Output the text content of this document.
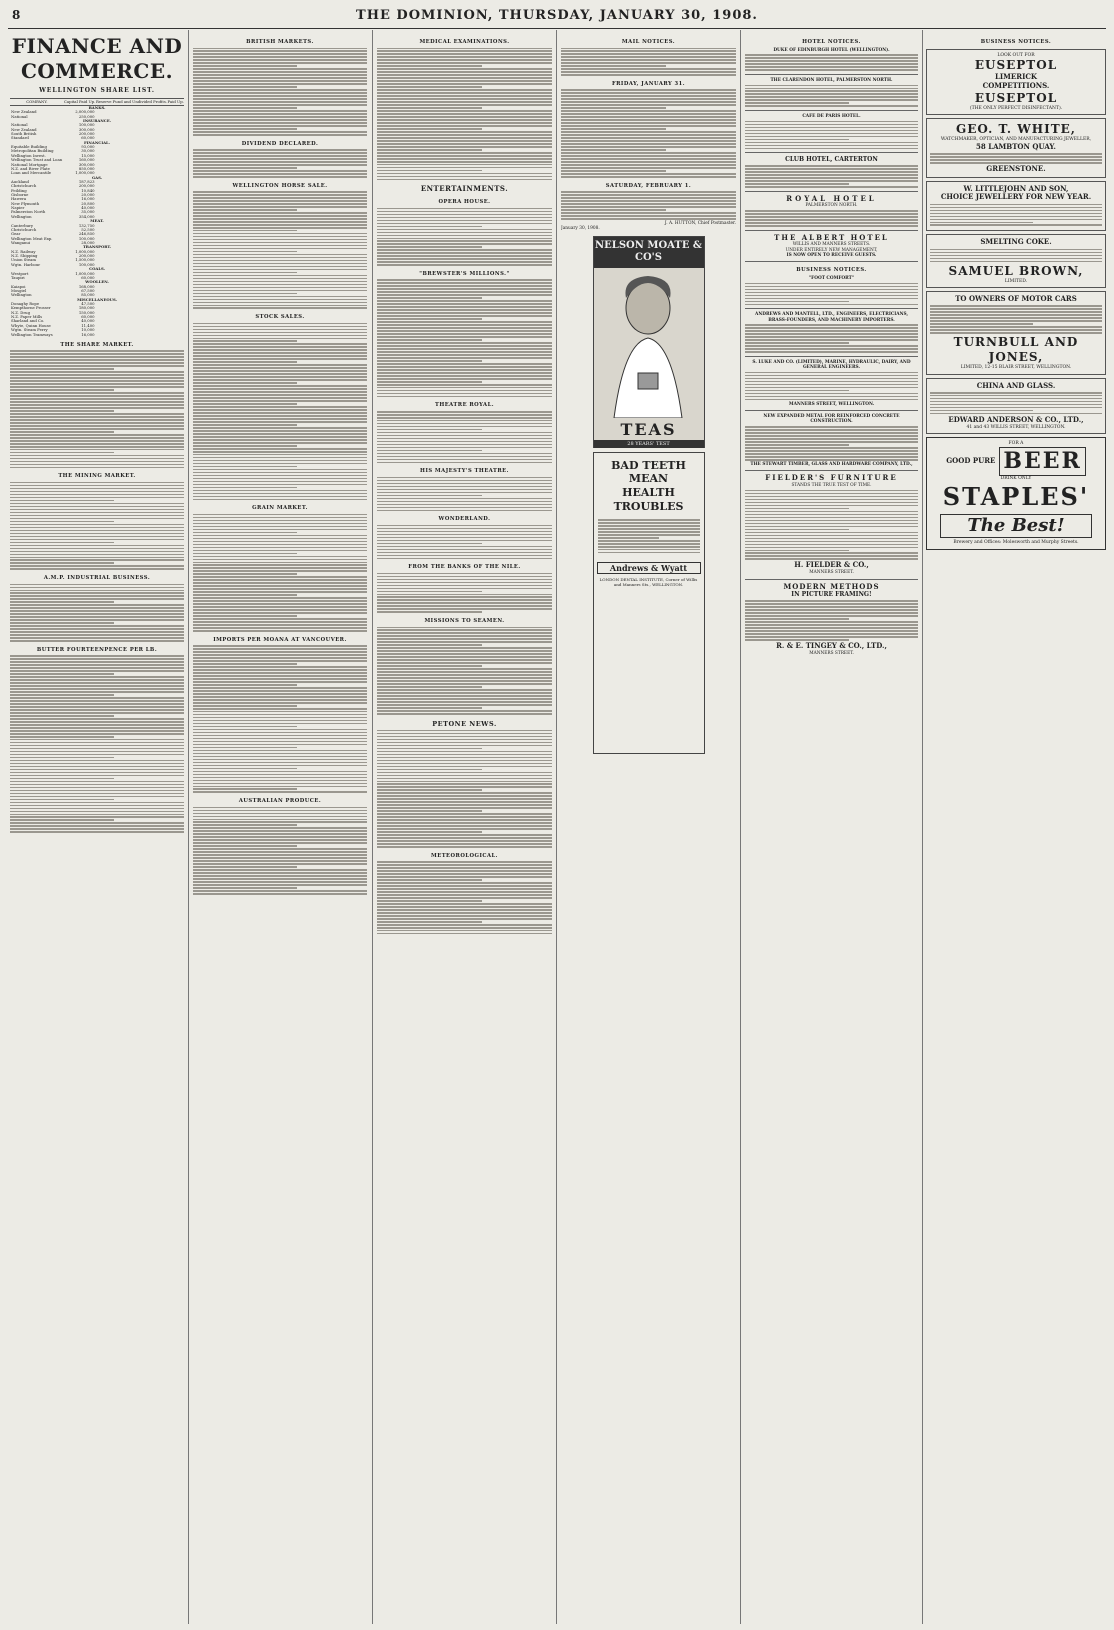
8	THE DOMINION, THURSDAY, JANUARY 30, 1908.
FINANCE AND COMMERCE.
WELLINGTON SHARE LIST.
COMPANY.	Capital Paid Up.	Reserve Fund and Undivided Profits.	Paid Up.
BANKS.			
New Zealand	2,000,000		
National	250,000		
INSURANCE.			
National	100,000		
New Zealand	300,000		
South British	200,000		
Standard	60,000		
FINANCIAL.			
Equitable Building	93,000		
Metropolitan Building	30,000		
Wellington Invest.	15,000		
Wellington Trust and Loan	160,000		
National Mortgage	300,000		
N.Z. and River Plate	850,000		
Loan and Mercantile	1,000,000		
GAS.			
Auckland	187,823		
Christchurch	200,000		
Feilding	10,840		
Gisborne	20,000		
Hawera	16,000		
New Plymouth	20,800		
Napier	40,000		
Palmerston North	35,000		
Wellington	354,000		
MEAT.			
Canterbury	132,750		
Christchurch	52,500		
Gear	246,850		
Wellington Meat Exp.	100,000		
Wanganui	28,000		
TRANSPORT.			
N.Z. Railway	1,000,000		
N.Z. Shipping	200,000		
Union Steam	1,500,000		
Wgtn. Harbour	100,000		
COALS.			
Westport	1,000,000		
Taupiri	60,000		
WOOLLEN.			
Kaiapoi	168,000		
Mosgiel	67,500		
Wellington	85,000		
MISCELLANEOUS.			
Donaghy Rope	47,500		
Kempthorne Prosser	180,000		
N.Z. Drug	150,000		
N.Z. Paper Mills	60,000		
Sharland and Co.	40,000		
Whyte, Quinn House	11,400		
Wgtn. Steam Ferry	10,000		
Wellington Tramways	16,000		
THE SHARE MARKET.
THE MINING MARKET.
A.M.P. INDUSTRIAL BUSINESS.
BUTTER FOURTEENPENCE PER LB.
BRITISH MARKETS.
DIVIDEND DECLARED.
WELLINGTON HORSE SALE.
STOCK SALES.
GRAIN MARKET.
IMPORTS PER MOANA AT VANCOUVER.
AUSTRALIAN PRODUCE.
MEDICAL EXAMINATIONS.
ENTERTAINMENTS.
OPERA HOUSE.
"BREWSTER'S MILLIONS."
THEATRE ROYAL.
HIS MAJESTY'S THEATRE.
WONDERLAND.
FROM THE BANKS OF THE NILE.
MISSIONS TO SEAMEN.
PETONE NEWS.
METEOROLOGICAL.
MAIL NOTICES.
FRIDAY, JANUARY 31.
SATURDAY, FEBRUARY 1.
J. A. HUTTON, Chief Postmaster.
January 30, 1908.
NELSON MOATE & CO'S
TEAS
28 YEARS' TEST
BAD TEETH
MEAN
HEALTH
TROUBLES
Andrews & Wyatt
LONDON DENTAL INSTITUTE, Corner of Willis and Manners Sts., WELLINGTON.
HOTEL NOTICES.
DUKE OF EDINBURGH HOTEL (WELLINGTON).
THE CLARENDON HOTEL, PALMERSTON NORTH.
CAFE DE PARIS HOTEL.
CLUB HOTEL, CARTERTON
ROYAL HOTEL
PALMERSTON NORTH.
THE ALBERT HOTEL
WILLIS AND MANNERS STREETS.
UNDER ENTIRELY NEW MANAGEMENT,
IS NOW OPEN TO RECEIVE GUESTS.
BUSINESS NOTICES.
"FOOT COMFORT"
ANDREWS AND MANTELL, LTD., ENGINEERS, ELECTRICIANS, BRASS-FOUNDERS, AND MACHINERY IMPORTERS.
S. LUKE AND CO. (LIMITED), MARINE, HYDRAULIC, DAIRY, AND GENERAL ENGINEERS.
MANNERS STREET, WELLINGTON.
NEW EXPANDED METAL FOR REINFORCED CONCRETE CONSTRUCTION.
THE STEWART TIMBER, GLASS AND HARDWARE COMPANY, LTD.,
FIELDER'S FURNITURE
STANDS THE TRUE TEST OF TIME.
H. FIELDER & CO.,
MANNERS STREET.
MODERN METHODS
IN PICTURE FRAMING!
R. & E. TINGEY & CO., LTD.,
MANNERS STREET.
BUSINESS NOTICES.
LOOK OUT FOR
EUSEPTOL
LIMERICK
COMPETITIONS.
EUSEPTOL
(THE ONLY PERFECT DISINFECTANT).
GEO. T. WHITE,
WATCHMAKER, OPTICIAN, AND MANUFACTURING JEWELLER,
58 LAMBTON QUAY.
GREENSTONE.
W. LITTLEJOHN AND SON,
CHOICE JEWELLERY FOR NEW YEAR.
SMELTING COKE.
SAMUEL BROWN,
LIMITED.
TO OWNERS OF MOTOR CARS
TURNBULL AND JONES,
LIMITED, 12-15 BLAIR STREET, WELLINGTON.
CHINA AND GLASS.
EDWARD ANDERSON & CO., LTD.,
41 and 43 WILLIS STREET, WELLINGTON.
FOR A
GOOD PURE BEER
DRINK ONLY
STAPLES'
The Best!
Brewery and Offices: Molesworth and Murphy Streets.
